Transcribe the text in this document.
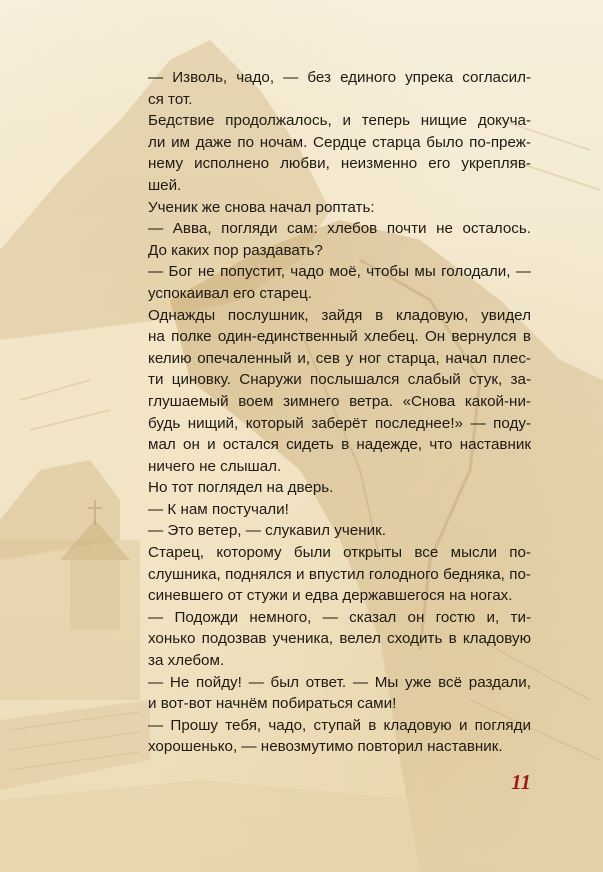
— Изволь, чадо, — без единого упрека согласил-
ся тот.
Бедствие продолжалось, и теперь нищие докуча-
ли им даже по ночам. Сердце старца было по-преж-
нему исполнено любви, неизменно его укрепляв-
шей.
Ученик же снова начал роптать:
— Авва, погляди сам: хлебов почти не осталось.
До каких пор раздавать?
— Бог не попустит, чадо моё, чтобы мы голодали, —
успокаивал его старец.
Однажды послушник, зайдя в кладовую, увидел
на полке один-единственный хлебец. Он вернулся в
келию опечаленный и, сев у ног старца, начал плес-
ти циновку. Снаружи послышался слабый стук, за-
глушаемый воем зимнего ветра. «Снова какой-ни-
будь нищий, который заберёт последнее!» — поду-
мал он и остался сидеть в надежде, что наставник
ничего не слышал.
Но тот поглядел на дверь.
— К нам постучали!
— Это ветер, — слукавил ученик.
Старец, которому были открыты все мысли по-
слушника, поднялся и впустил голодного бедняка, по-
синевшего от стужи и едва державшегося на ногах.
— Подожди немного, — сказал он гостю и, ти-
хонько подозвав ученика, велел сходить в кладовую
за хлебом.
— Не пойду! — был ответ. — Мы уже всё раздали,
и вот-вот начнём побираться сами!
— Прошу тебя, чадо, ступай в кладовую и погляди
хорошенько, — невозмутимо повторил наставник.
11
